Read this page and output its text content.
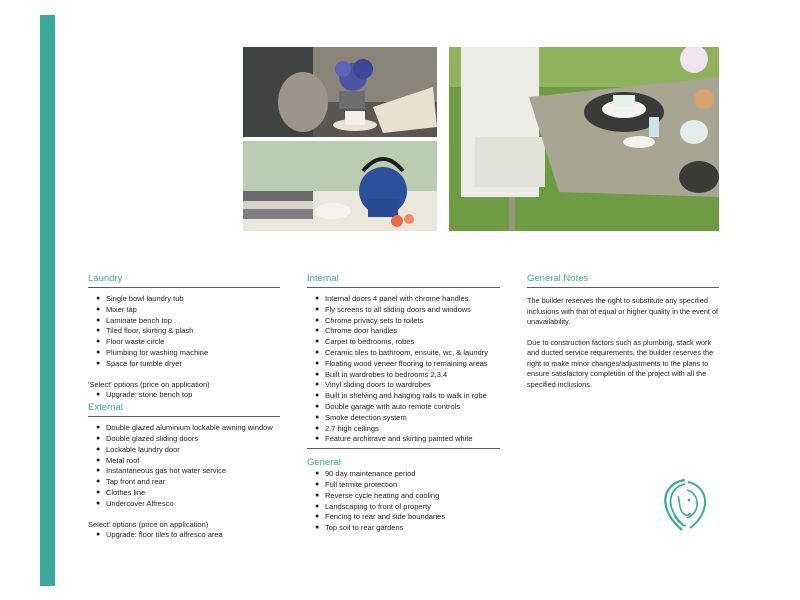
Laundry
● Single bowl laundry tub
● Mixer tap
● Laminate bench top
● Tiled floor, skirting & plash
● Floor waste circle
● Plumbing for washing machine
● Space for tumble dryer
'Select' options (price on application)
● Upgrade: stone bench top
External
● Double glazed aluminium lockable awning window
● Double glazed sliding doors
● Lockable laundry door
● Metal roof
● Instantaneous gas hot water service
● Tap front and rear
● Clothes line
● Undercover Alfresco
Select' options (price on application)
● Upgrade: floor tiles to alfresco area
Internal
● Internal doors 4 panel with chrome handles
● Fly screens to all sliding doors and windows
● Chrome privacy sets to toilets
● Chrome door handles
● Carpet to bedrooms, robes
● Ceramic tiles to bathroom, ensuite, wc, & laundry
● Floating wood veneer flooring to remaining areas
● Built in wardrobes to bedrooms 2,3,4
● Vinyl sliding doors to wardrobes
● Built in shelving and hanging rails to walk in robe
● Double garage with auto remote controls
● Smoke detection system
● 2.7 high ceilings
● Feature architrave and skirting painted white
General
● 90 day maintenance period
● Full termite protection
● Reverse cycle heating and cooling
● Landscaping to front of property
● Fencing to rear and side boundaries
● Top soil to rear gardens
General Notes

The builder reserves the right to substitute any specified inclusions with that of equal or higher quality in the event of unavailability.

Due to construction factors such as plumbing, stack work and ducted service requirements, the builder reserves the right to make minor changes/adjustments to the plans to ensure satisfactory completion of the project with all the specified inclusions.
